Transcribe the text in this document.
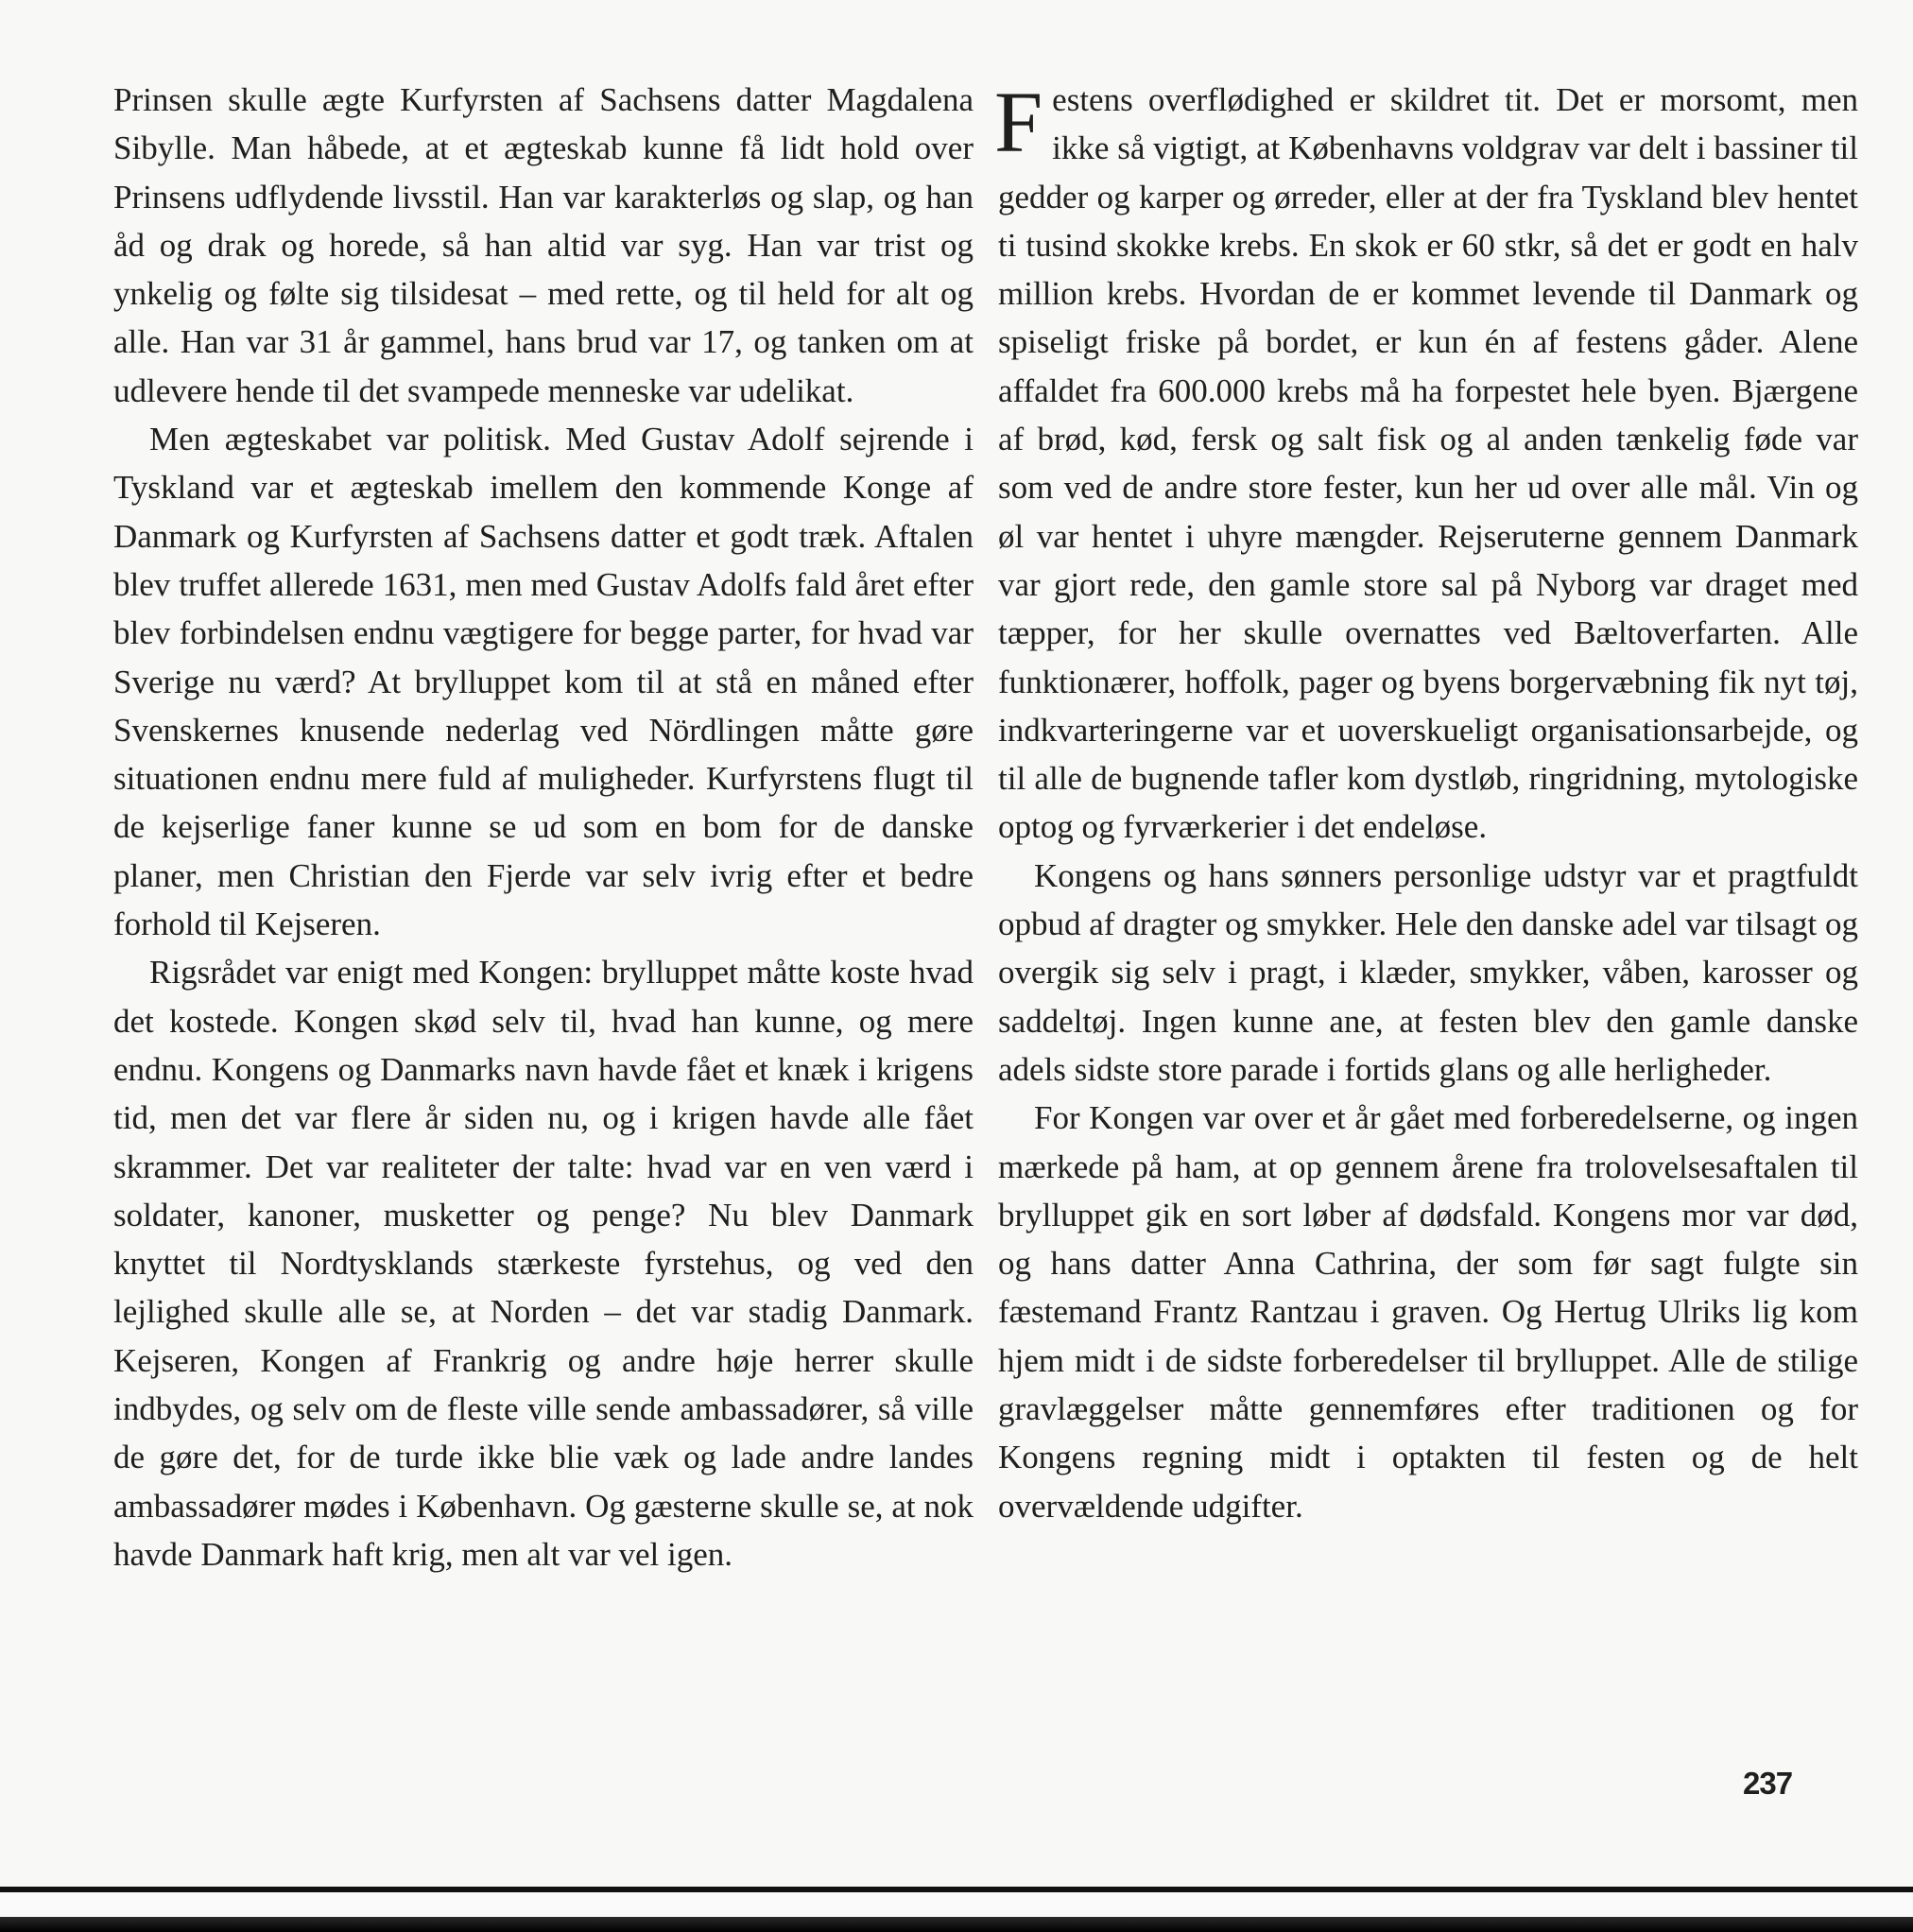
Prinsen skulle ægte Kurfyrsten af Sachsens datter Magdalena Sibylle. Man håbede, at et ægteskab kunne få lidt hold over Prinsens udflydende livsstil. Han var karakterløs og slap, og han åd og drak og horede, så han altid var syg. Han var trist og ynkelig og følte sig tilsidesat – med rette, og til held for alt og alle. Han var 31 år gammel, hans brud var 17, og tanken om at udlevere hende til det svampede menneske var udelikat.

Men ægteskabet var politisk. Med Gustav Adolf sejrende i Tyskland var et ægteskab imellem den kommende Konge af Danmark og Kurfyrsten af Sachsens datter et godt træk. Aftalen blev truffet allerede 1631, men med Gustav Adolfs fald året efter blev forbindelsen endnu vægtigere for begge parter, for hvad var Sverige nu værd? At brylluppet kom til at stå en måned efter Svenskernes knusende nederlag ved Nördlingen måtte gøre situationen endnu mere fuld af muligheder. Kurfyrstens flugt til de kejserlige faner kunne se ud som en bom for de danske planer, men Christian den Fjerde var selv ivrig efter et bedre forhold til Kejseren.

Rigsrådet var enigt med Kongen: brylluppet måtte koste hvad det kostede. Kongen skød selv til, hvad han kunne, og mere endnu. Kongens og Danmarks navn havde fået et knæk i krigens tid, men det var flere år siden nu, og i krigen havde alle fået skrammer. Det var realiteter der talte: hvad var en ven værd i soldater, kanoner, musketter og penge? Nu blev Danmark knyttet til Nordtysklands stærkeste fyrstehus, og ved den lejlighed skulle alle se, at Norden – det var stadig Danmark. Kejseren, Kongen af Frankrig og andre høje herrer skulle indbydes, og selv om de fleste ville sende ambassadører, så ville de gøre det, for de turde ikke blie væk og lade andre landes ambassadører mødes i København. Og gæsterne skulle se, at nok havde Danmark haft krig, men alt var vel igen.

Festens overflødighed er skildret tit. Det er morsomt, men ikke så vigtigt, at Københavns voldgrav var delt i bassiner til gedder og karper og ørreder, eller at der fra Tyskland blev hentet ti tusind skokke krebs. En skok er 60 stkr, så det er godt en halv million krebs. Hvordan de er kommet levende til Danmark og spiseligt friske på bordet, er kun én af festens gåder. Alene affaldet fra 600.000 krebs må ha forpestet hele byen. Bjærgene af brød, kød, fersk og salt fisk og al anden tænkelig føde var som ved de andre store fester, kun her ud over alle mål. Vin og øl var hentet i uhyre mængder. Rejseruterne gennem Danmark var gjort rede, den gamle store sal på Nyborg var draget med tæpper, for her skulle overnattes ved Bæltoverfarten. Alle funktionærer, hoffolk, pager og byens borgervæbning fik nyt tøj, indkvarteringerne var et uoverskueligt organisationsarbejde, og til alle de bugnende tafler kom dystløb, ringridning, mytologiske optog og fyrværkerier i det endeløse.

Kongens og hans sønners personlige udstyr var et pragtfuldt opbud af dragter og smykker. Hele den danske adel var tilsagt og overgik sig selv i pragt, i klæder, smykker, våben, karosser og saddeltøj. Ingen kunne ane, at festen blev den gamle danske adels sidste store parade i fortids glans og alle herligheder.

For Kongen var over et år gået med forberedelserne, og ingen mærkede på ham, at op gennem årene fra trolovelsesaftalen til brylluppet gik en sort løber af dødsfald. Kongens mor var død, og hans datter Anna Cathrina, der som før sagt fulgte sin fæstemand Frantz Rantzau i graven. Og Hertug Ulriks lig kom hjem midt i de sidste forberedelser til brylluppet. Alle de stilige gravlæggelser måtte gennemføres efter traditionen og for Kongens regning midt i optakten til festen og de helt overvældende udgifter.

237
